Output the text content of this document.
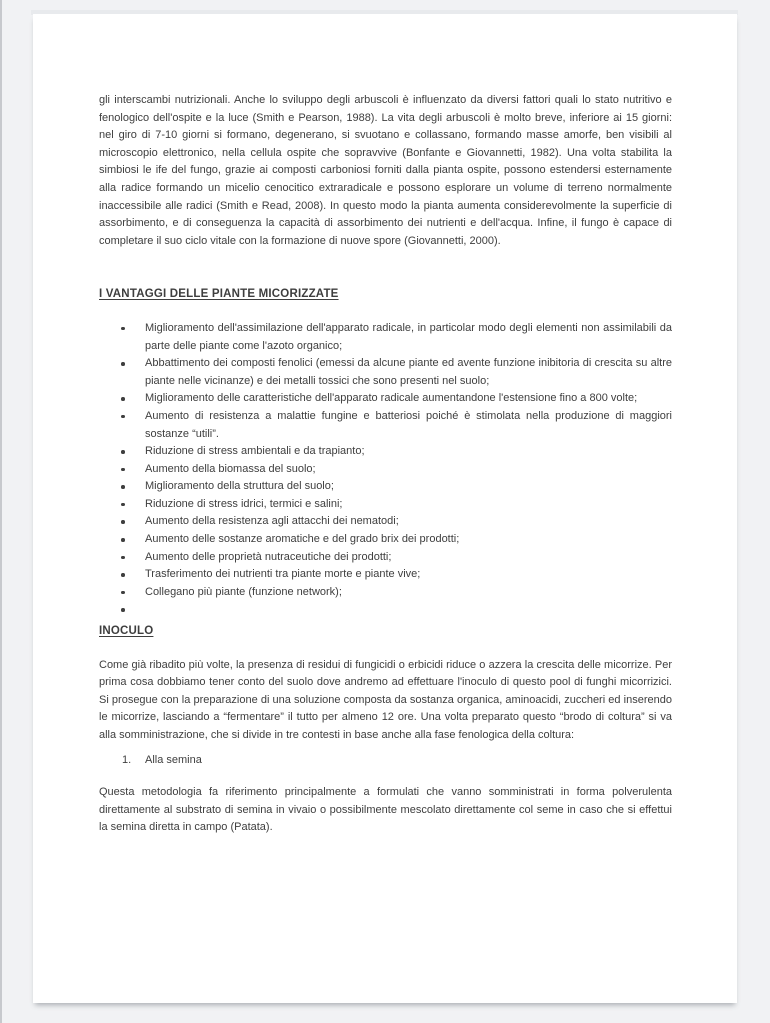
gli interscambi nutrizionali. Anche lo sviluppo degli arbuscoli è influenzato da diversi fattori quali lo stato nutritivo e fenologico dell'ospite e la luce (Smith e Pearson, 1988). La vita degli arbuscoli è molto breve, inferiore ai 15 giorni: nel giro di 7-10 giorni si formano, degenerano, si svuotano e collassano, formando masse amorfe, ben visibili al microscopio elettronico, nella cellula ospite che sopravvive (Bonfante e Giovannetti, 1982). Una volta stabilita la simbiosi le ife del fungo, grazie ai composti carboniosi forniti dalla pianta ospite, possono estendersi esternamente alla radice formando un micelio cenocitico extraradicale e possono esplorare un volume di terreno normalmente inaccessibile alle radici (Smith e Read, 2008). In questo modo la pianta aumenta considerevolmente la superficie di assorbimento, e di conseguenza la capacità di assorbimento dei nutrienti e dell'acqua. Infine, il fungo è capace di completare il suo ciclo vitale con la formazione di nuove spore (Giovannetti, 2000).

I VANTAGGI DELLE PIANTE MICORIZZATE
Miglioramento dell'assimilazione dell'apparato radicale, in particolar modo degli elementi non assimilabili da parte delle piante come l'azoto organico;
Abbattimento dei composti fenolici (emessi da alcune piante ed avente funzione inibitoria di crescita su altre piante nelle vicinanze) e dei metalli tossici che sono presenti nel suolo;
Miglioramento delle caratteristiche dell'apparato radicale aumentandone l'estensione fino a 800 volte;
Aumento di resistenza a malattie fungine e batteriosi poiché è stimolata nella produzione di maggiori sostanze “utili”.
Riduzione di stress ambientali e da trapianto;
Aumento della biomassa del suolo;
Miglioramento della struttura del suolo;
Riduzione di stress idrici, termici e salini;
Aumento della resistenza agli attacchi dei nematodi;
Aumento delle sostanze aromatiche e del grado brix dei prodotti;
Aumento delle proprietà nutraceutiche dei prodotti;
Trasferimento dei nutrienti tra piante morte e piante vive;
Collegano più piante (funzione network);
INOCULO

Come già ribadito più volte, la presenza di residui di fungicidi o erbicidi riduce o azzera la crescita delle micorrize. Per prima cosa dobbiamo tener conto del suolo dove andremo ad effettuare l'inoculo di questo pool di funghi micorrizici. Si prosegue con la preparazione di una soluzione composta da sostanza organica, aminoacidi, zuccheri ed inserendo le micorrize, lasciando a “fermentare” il tutto per almeno 12 ore. Una volta preparato questo “brodo di coltura” si va alla somministrazione, che si divide in tre contesti in base anche alla fase fenologica della coltura:

1.	Alla semina

Questa metodologia fa riferimento principalmente a formulati che vanno somministrati in forma polverulenta direttamente al substrato di semina in vivaio o possibilmente mescolato direttamente col seme in caso che si effettui la semina diretta in campo (Patata).
